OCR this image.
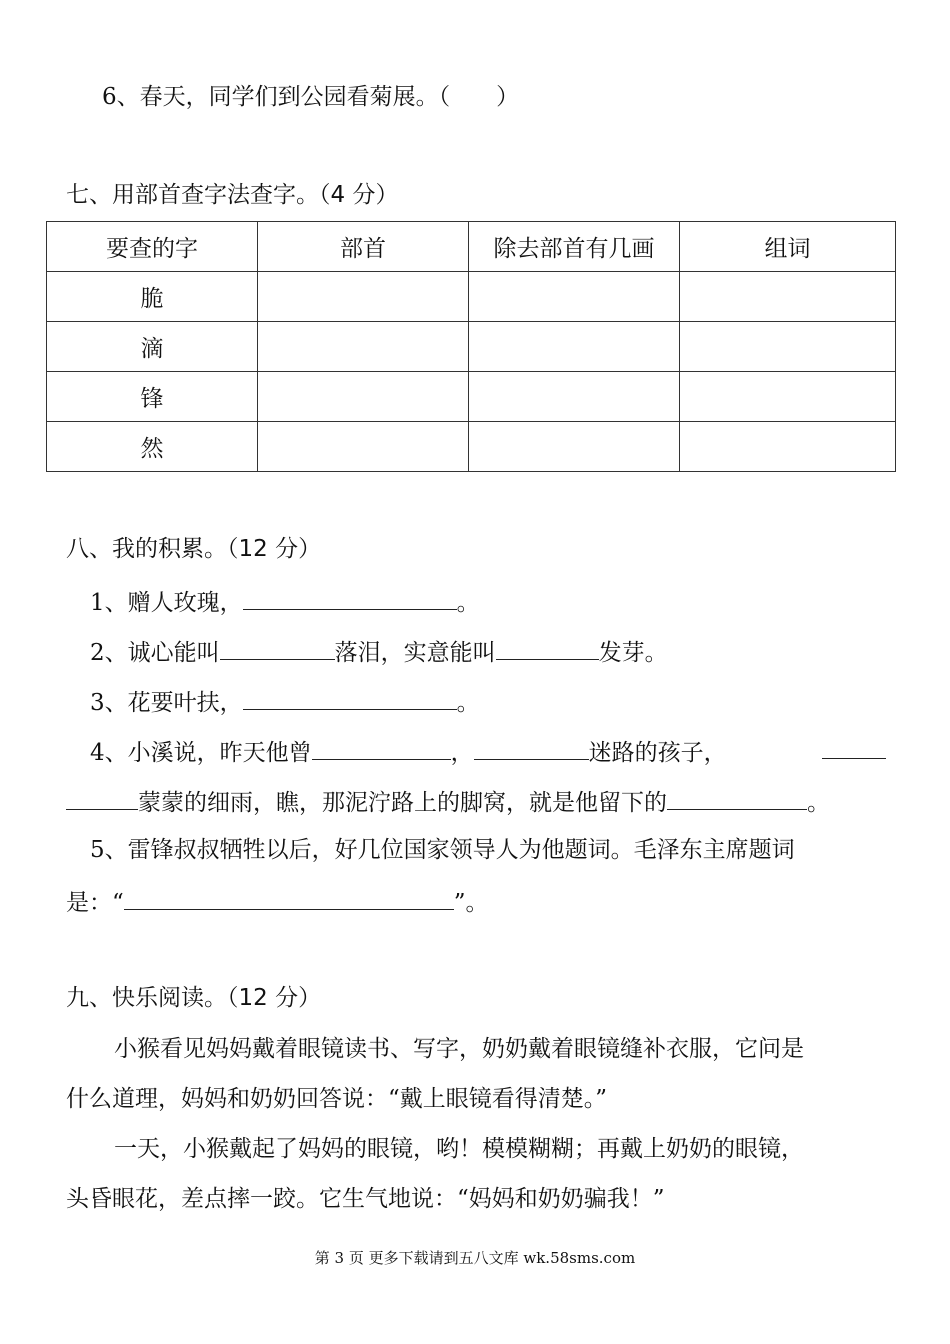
6、春天，同学们到公园看菊展。（　　）
七、用部首查字法查字。（4 分）
要查的字	部首	除去部首有几画	组词
脆			
滴			
锋			
然			
八、我的积累。（12 分）
1、赠人玫瑰，	。
2、诚心能叫	落泪，实意能叫	发芽。
3、花要叶扶，	。
4、小溪说，昨天他曾	，	迷路的孩子，
蒙蒙的细雨，瞧，那泥泞路上的脚窝，就是他留下的	。
5、雷锋叔叔牺牲以后，好几位国家领导人为他题词。毛泽东主席题词
是：“	”。
九、快乐阅读。（12 分）
小猴看见妈妈戴着眼镜读书、写字，奶奶戴着眼镜缝补衣服，它问是
什么道理，妈妈和奶奶回答说：“戴上眼镜看得清楚。”
一天，小猴戴起了妈妈的眼镜，哟！模模糊糊；再戴上奶奶的眼镜，
头昏眼花，差点摔一跤。它生气地说：“妈妈和奶奶骗我！”
第 3 页 更多下载请到五八文库 wk.58sms.com
